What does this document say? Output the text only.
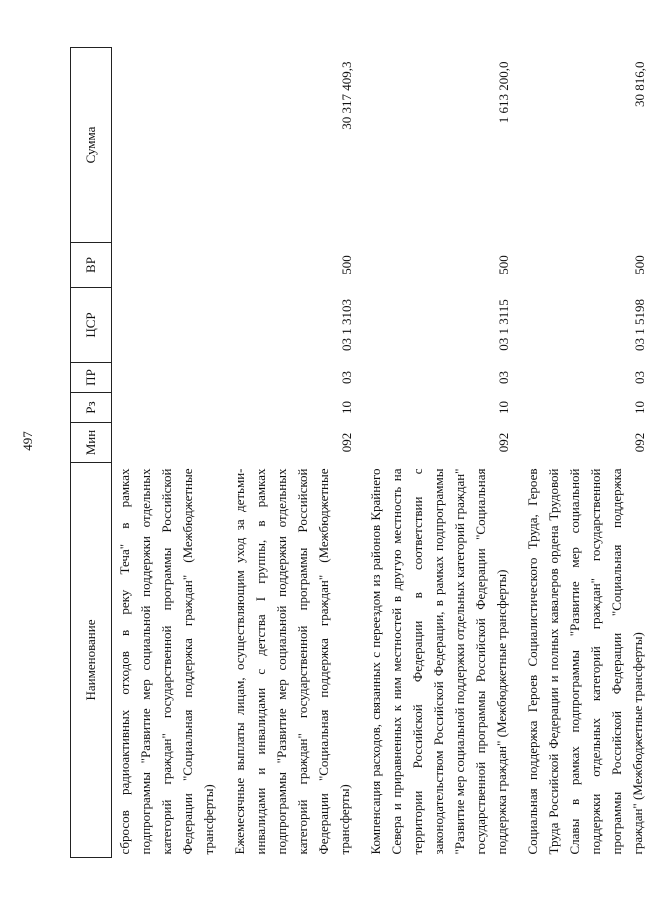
497
Наименование	Мин	Рз	ПР	ЦСР	ВР	Сумма
сбросов радиоактивных отходов в реку Теча" в рамках подпрограммы "Развитие мер социальной поддержки отдельных категорий граждан" государственной программы Российской Федерации "Социальная поддержка граждан" (Межбюджетные трансферты)						
Ежемесячные выплаты лицам, осуществляющим уход за детьми-инвалидами и инвалидами с детства I группы, в рамках подпрограммы "Развитие мер социальной поддержки отдельных категорий граждан" государственной программы Российской Федерации "Социальная поддержка граждан" (Межбюджетные трансферты)	092	10	03	03 1 3103	500	30 317 409,3
Компенсация расходов, связанных с переездом из районов Крайнего Севера и приравненных к ним местностей в другую местность на территории Российской Федерации в соответствии с законодательством Российской Федерации, в рамках подпрограммы "Развитие мер социальной поддержки отдельных категорий граждан" государственной программы Российской Федерации "Социальная поддержка граждан" (Межбюджетные трансферты)	092	10	03	03 1 3115	500	1 613 200,0
Социальная поддержка Героев Социалистического Труда, Героев Труда Российской Федерации и полных кавалеров ордена Трудовой Славы в рамках подпрограммы "Развитие мер социальной поддержки отдельных категорий граждан" государственной программы Российской Федерации "Социальная поддержка граждан" (Межбюджетные трансферты)	092	10	03	03 1 5198	500	30 816,0
